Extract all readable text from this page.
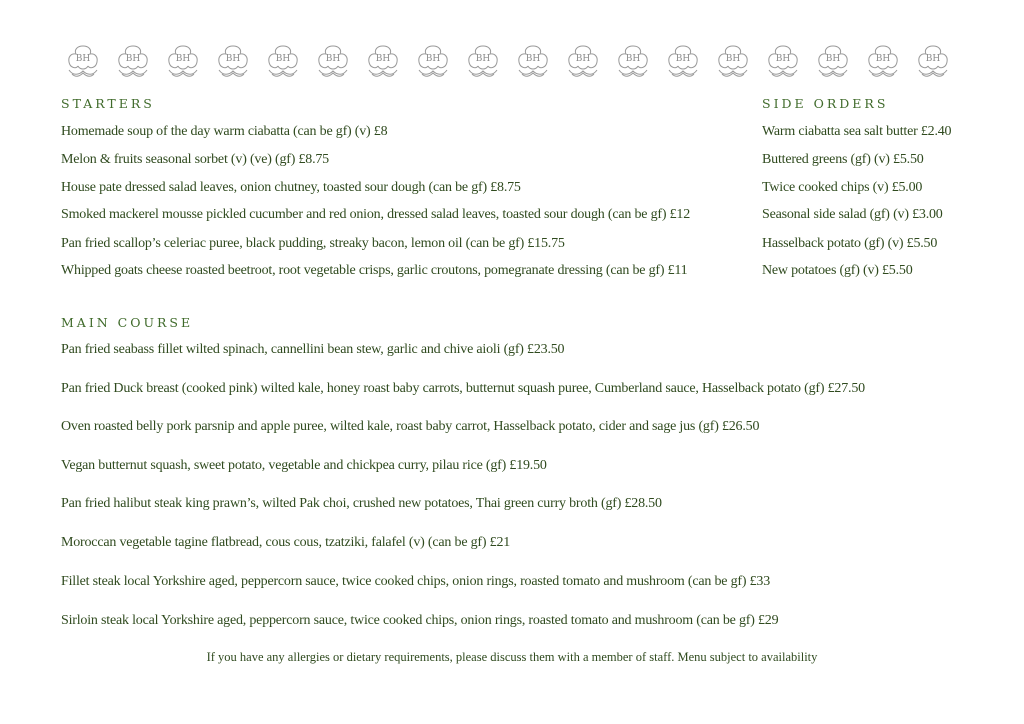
BH	BH	BH	BH	BH	BH	BH	BH	BH	BH	BH	BH	BH	BH	BH	BH	BH	BH
STARTERS
Homemade soup of the day warm ciabatta (can be gf) (v) £8
Melon & fruits seasonal sorbet (v) (ve) (gf) £8.75
House pate dressed salad leaves, onion chutney, toasted sour dough (can be gf) £8.75
Smoked mackerel mousse pickled cucumber and red onion, dressed salad leaves, toasted sour dough (can be gf) £12
Pan fried scallop’s celeriac puree, black pudding, streaky bacon, lemon oil (can be gf) £15.75
Whipped goats cheese roasted beetroot, root vegetable crisps, garlic croutons, pomegranate dressing (can be gf) £11
SIDE ORDERS
Warm ciabatta sea salt butter £2.40
Buttered greens (gf) (v) £5.50
Twice cooked chips (v) £5.00
Seasonal side salad (gf) (v) £3.00
Hasselback potato (gf) (v) £5.50
New potatoes (gf) (v) £5.50
MAIN COURSE
Pan fried seabass fillet wilted spinach, cannellini bean stew, garlic and chive aioli (gf) £23.50
Pan fried Duck breast (cooked pink) wilted kale, honey roast baby carrots, butternut squash puree, Cumberland sauce, Hasselback potato (gf) £27.50
Oven roasted belly pork parsnip and apple puree, wilted kale, roast baby carrot, Hasselback potato, cider and sage jus (gf) £26.50
Vegan butternut squash, sweet potato, vegetable and chickpea curry, pilau rice (gf) £19.50
Pan fried halibut steak king prawn’s, wilted Pak choi, crushed new potatoes, Thai green curry broth (gf) £28.50
Moroccan vegetable tagine flatbread, cous cous, tzatziki, falafel (v) (can be gf) £21
Fillet steak local Yorkshire aged, peppercorn sauce, twice cooked chips, onion rings, roasted tomato and mushroom (can be gf) £33
Sirloin steak local Yorkshire aged, peppercorn sauce, twice cooked chips, onion rings, roasted tomato and mushroom (can be gf) £29
If you have any allergies or dietary requirements, please discuss them with a member of staff. Menu subject to availability
